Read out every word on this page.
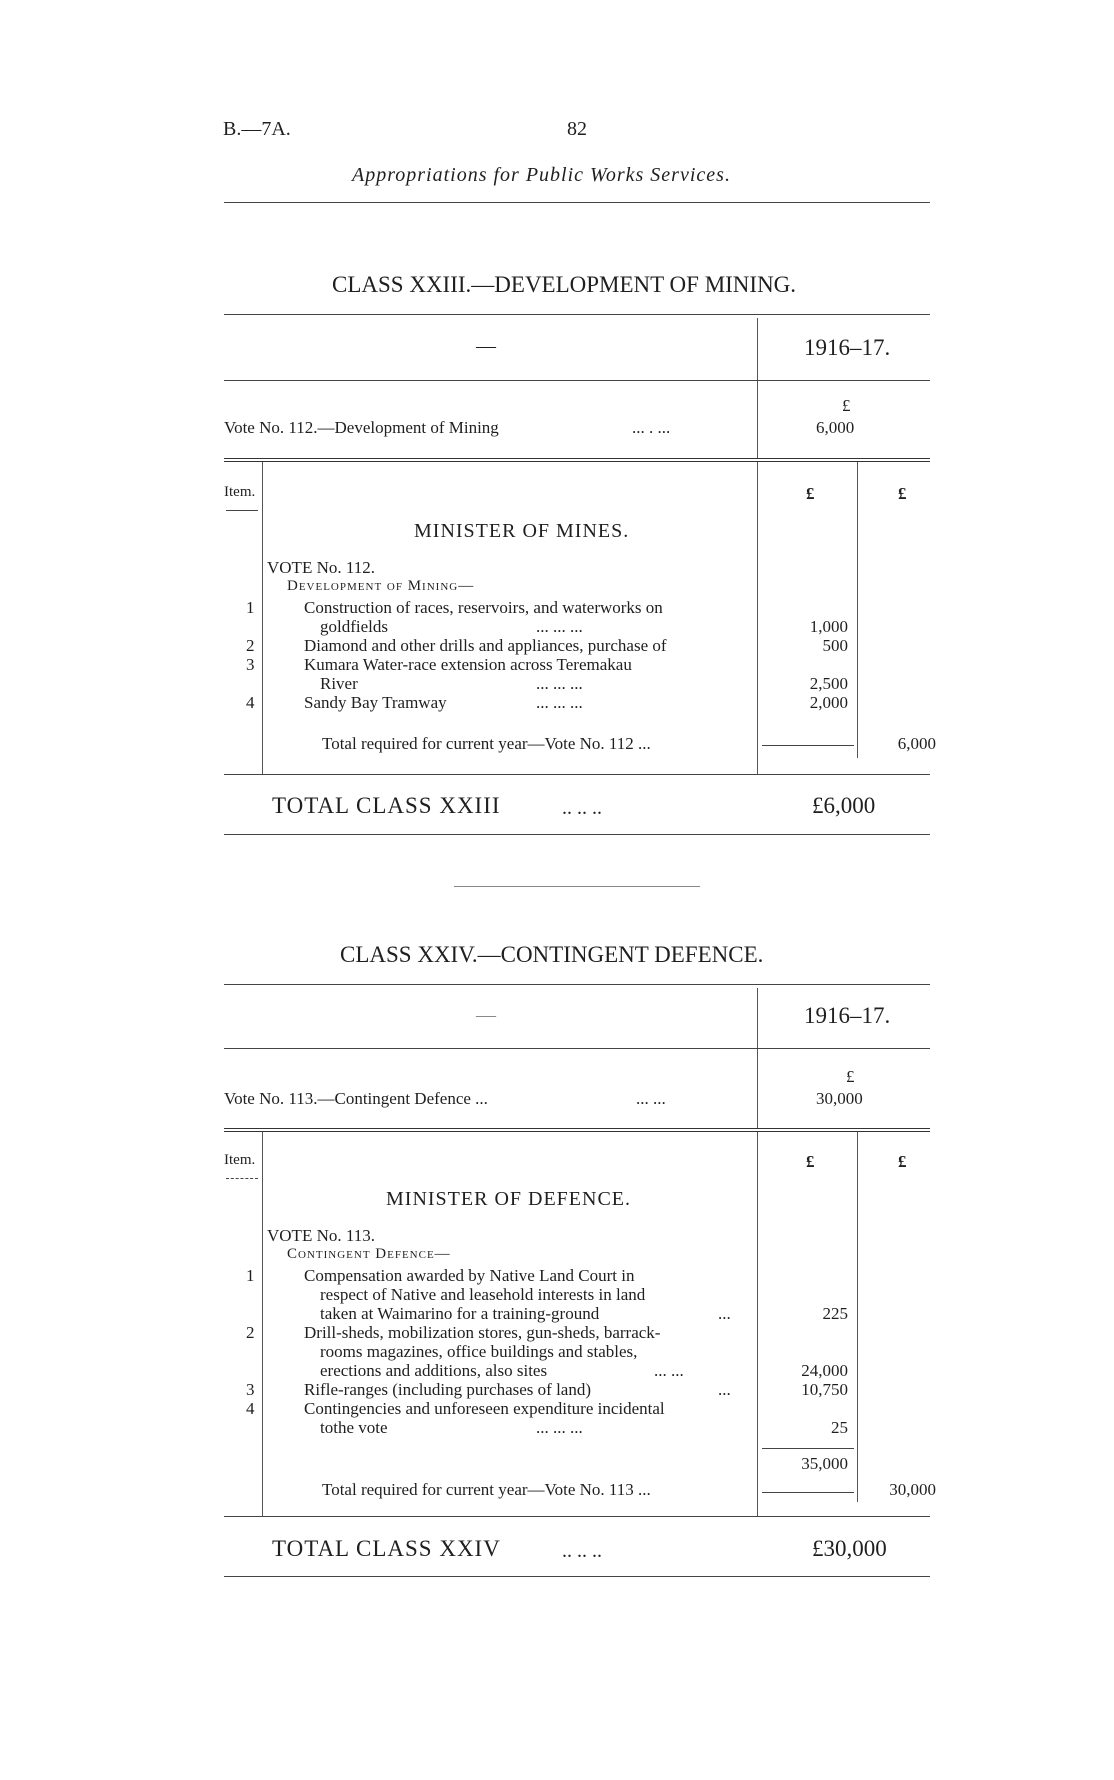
B.—7A.	82
Appropriations for Public Works Services.
CLASS XXIII.—DEVELOPMENT OF MINING.
—	1916–17.
Vote No. 112.—Development of Mining	... . ...
£
6,000
Item.	£	£
MINISTER OF MINES.
VOTE No. 112.
Development of Mining—
1	Construction of races, reservoirs, and waterworks on
goldfields	... ... ...	1,000
2	Diamond and other drills and appliances, purchase of	500
3	Kumara Water-race extension across Teremakau
River	... ... ...	2,500
4	Sandy Bay Tramway	... ... ...	2,000
Total required for current year—Vote No. 112 ...	6,000
TOTAL CLASS XXIII	.. .. ..	£6,000
CLASS XXIV.—CONTINGENT DEFENCE.
—	1916–17.
Vote No. 113.—Contingent Defence ...	... ...
£
30,000
Item.	£	£
MINISTER OF DEFENCE.
VOTE No. 113.
Contingent Defence—
1	Compensation awarded by Native Land Court in
respect of Native and leasehold interests in land
taken at Waimarino for a training-ground	...	225
2	Drill-sheds, mobilization stores, gun-sheds, barrack-
rooms magazines, office buildings and stables,
erections and additions, also sites	... ...	24,000
3	Rifle-ranges (including purchases of land)	...	10,750
4	Contingencies and unforeseen expenditure incidental
tothe vote	... ... ...	25
35,000
Total required for current year—Vote No. 113 ...	30,000
TOTAL CLASS XXIV	.. .. ..	£30,000
